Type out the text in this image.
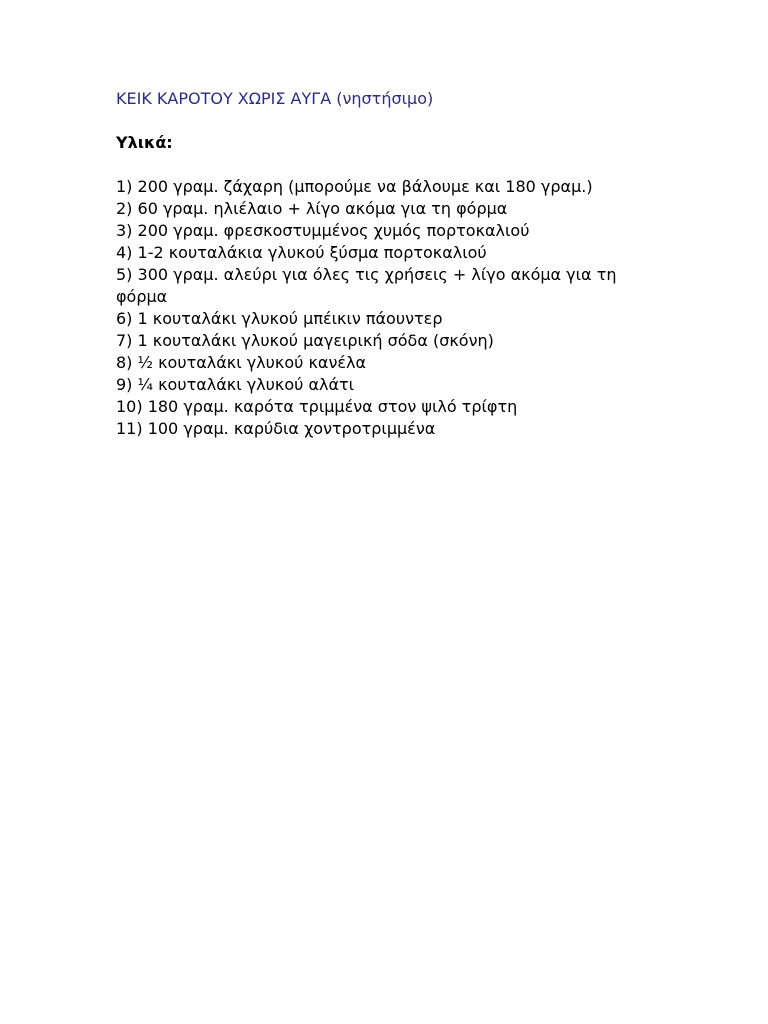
ΚΕΙΚ ΚΑΡΟΤΟΥ ΧΩΡΙΣ ΑΥΓΑ (νηστήσιμο)
Υλικά:
1) 200 γραμ. ζάχαρη (μπορούμε να βάλουμε και 180 γραμ.)
2) 60 γραμ. ηλιέλαιο + λίγο ακόμα για τη φόρμα
3) 200 γραμ. φρεσκοστυμμένος χυμός πορτοκαλιού
4) 1-2 κουταλάκια γλυκού ξύσμα πορτοκαλιού
5) 300 γραμ. αλεύρι για όλες τις χρήσεις + λίγο ακόμα για τη φόρμα
6) 1 κουταλάκι γλυκού μπέικιν πάουντερ
7) 1 κουταλάκι γλυκού μαγειρική σόδα (σκόνη)
8) ½ κουταλάκι γλυκού κανέλα
9) ¼ κουταλάκι γλυκού αλάτι
10) 180 γραμ. καρότα τριμμένα στον ψιλό τρίφτη
11) 100 γραμ. καρύδια χοντροτριμμένα
